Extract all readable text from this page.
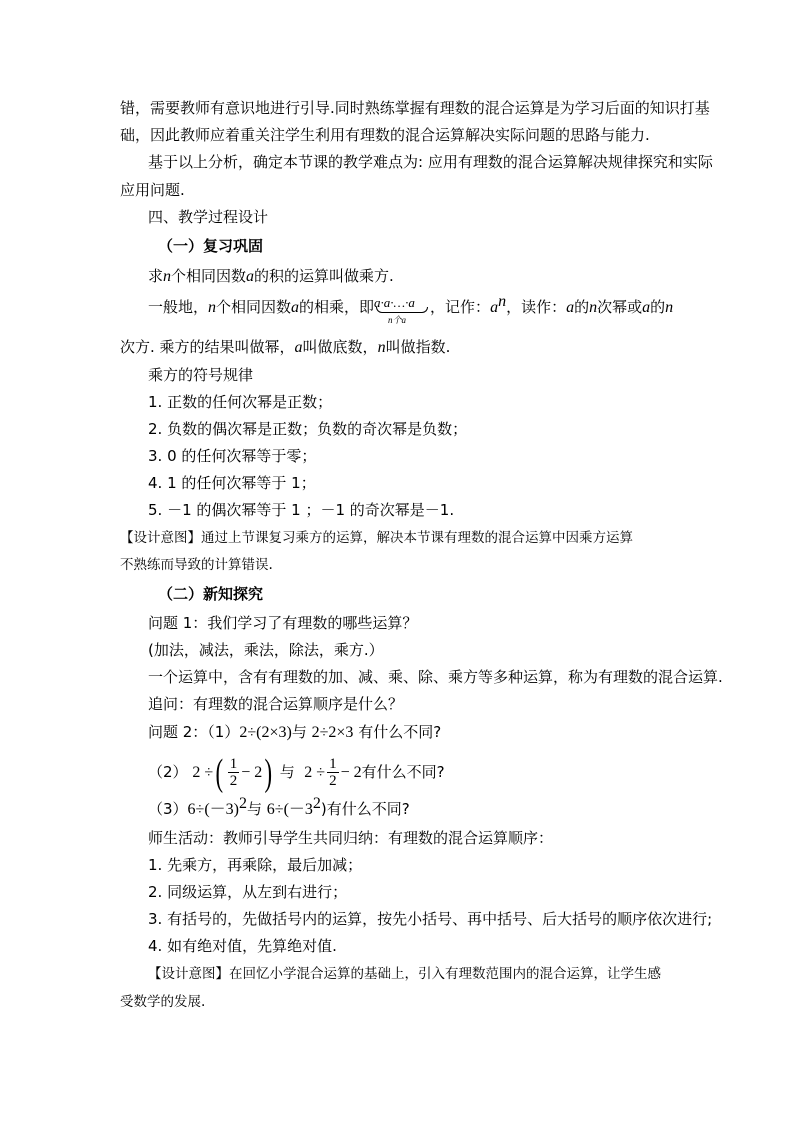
错，需要教师有意识地进行引导.同时熟练掌握有理数的混合运算是为学习后面的知识打基
础，因此教师应着重关注学生利用有理数的混合运算解决实际问题的思路与能力.
基于以上分析，确定本节课的教学难点为: 应用有理数的混合运算解决规律探究和实际
应用问题.
四、教学过程设计
（一）复习巩固
求n个相同因数a的积的运算叫做乘方.
一般地，n个相同因数a的相乘，即 a·a·…·a
n个a
，记作：$a^n$，读作：a的n次幂或a的n
次方. 乘方的结果叫做幂，a叫做底数，n叫做指数.
乘方的符号规律
1. 正数的任何次幂是正数；
2. 负数的偶次幂是正数；负数的奇次幂是负数；
3. 0 的任何次幂等于零；
4. 1 的任何次幂等于 1；
5. －1 的偶次幂等于 1 ；－1 的奇次幂是－1.
【设计意图】通过上节课复习乘方的运算，解决本节课有理数的混合运算中因乘方运算
不熟练而导致的计算错误.
（二）新知探究
问题 1：我们学习了有理数的哪些运算？
(加法，减法，乘法，除法，乘方.）
一个运算中，含有有理数的加、减、乘、除、乘方等多种运算，称为有理数的混合运算.
追问：有理数的混合运算顺序是什么？
问题 2：（1）2÷(2×3)与 2÷2×3 有什么不同?
（2） 2 ÷( $\frac{1}{2} - 2$) 与 $2 \div \frac{1}{2} - 2$有什么不同?
$(3)6\div(-3)^2$与 $6\div(-3^2)$有什么不同?
师生活动：教师引导学生共同归纳：有理数的混合运算顺序：
1. 先乘方，再乘除，最后加减；
2. 同级运算，从左到右进行；
3. 有括号的，先做括号内的运算，按先小括号、再中括号、后大括号的顺序依次进行;
4. 如有绝对值，先算绝对值.
【设计意图】在回忆小学混合运算的基础上，引入有理数范围内的混合运算，让学生感
受数学的发展.
